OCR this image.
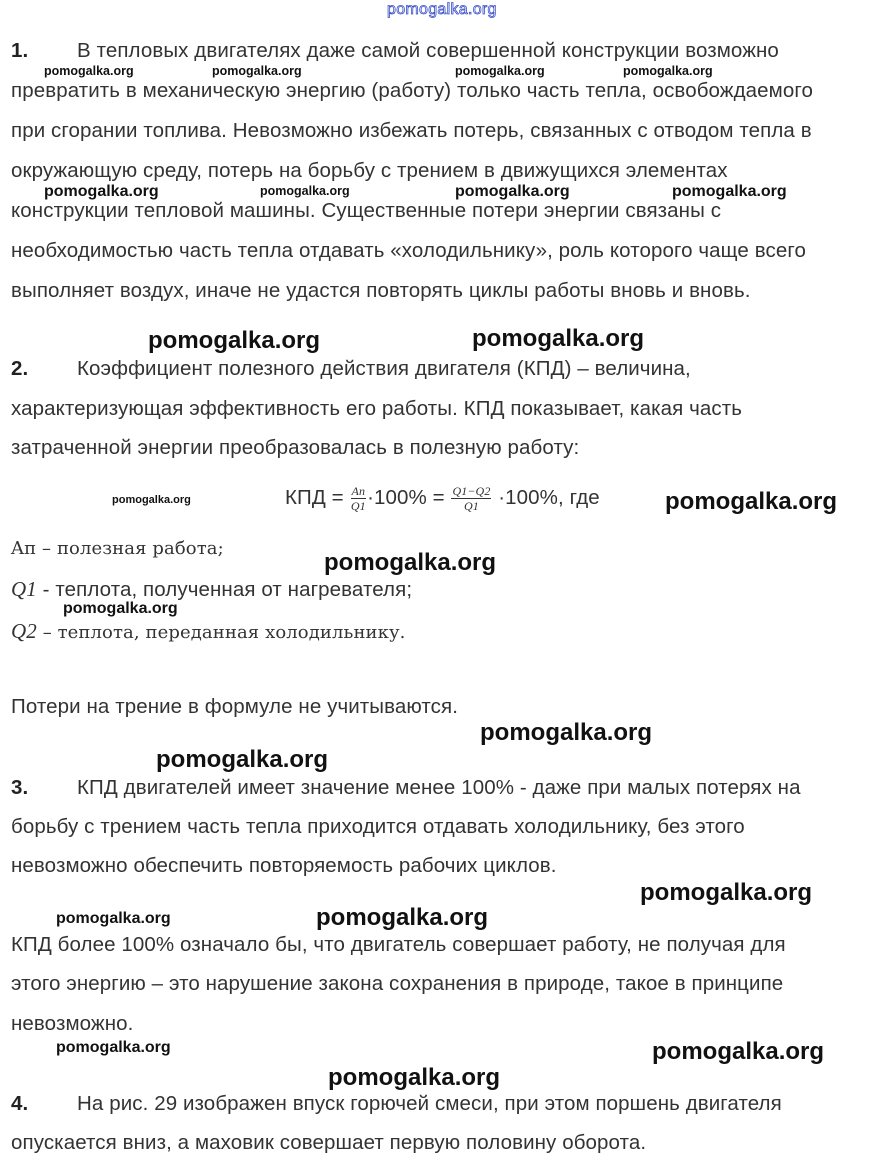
pomogalka.org
1. В тепловых двигателях даже самой совершенной конструкции возможно
превратить в механическую энергию (работу) только часть тепла, освобождаемого
при сгорании топлива. Невозможно избежать потерь, связанных с отводом тепла в
окружающую среду, потерь на борьбу с трением в движущихся элементах
конструкции тепловой машины. Существенные потери энергии связаны с
необходимостью часть тепла отдавать «холодильнику», роль которого чаще всего
выполняет воздух, иначе не удастся повторять циклы работы вновь и вновь.
2. Коэффициент полезного действия двигателя (КПД) – величина,
характеризующая эффективность его работы. КПД показывает, какая часть
затраченной энергии преобразовалась в полезную работу:
КПД = $\frac{Aп}{Q1} \cdot 100\% = \frac{Q1-Q2}{Q1} \cdot 100\%$, где
Aп – полезная работа;
Q1 - теплота, полученная от нагревателя;
Q2 – теплота, переданная холодильнику.
Потери на трение в формуле не учитываются.
3. КПД двигателей имеет значение менее 100% - даже при малых потерях на
борьбу с трением часть тепла приходится отдавать холодильнику, без этого
невозможно обеспечить повторяемость рабочих циклов.
КПД более 100% означало бы, что двигатель совершает работу, не получая для
этого энергию – это нарушение закона сохранения в природе, такое в принципе
невозможно.
4. На рис. 29 изображен впуск горючей смеси, при этом поршень двигателя
опускается вниз, а маховик совершает первую половину оборота.
pomogalka.org	pomogalka.org	pomogalka.org	pomogalka.org
pomogalka.org	pomogalka.org	pomogalka.org	pomogalka.org
pomogalka.org	pomogalka.org
pomogalka.org	pomogalka.org
pomogalka.org
pomogalka.org
pomogalka.org
pomogalka.org
pomogalka.org
pomogalka.org	pomogalka.org
pomogalka.org	pomogalka.org
pomogalka.org
